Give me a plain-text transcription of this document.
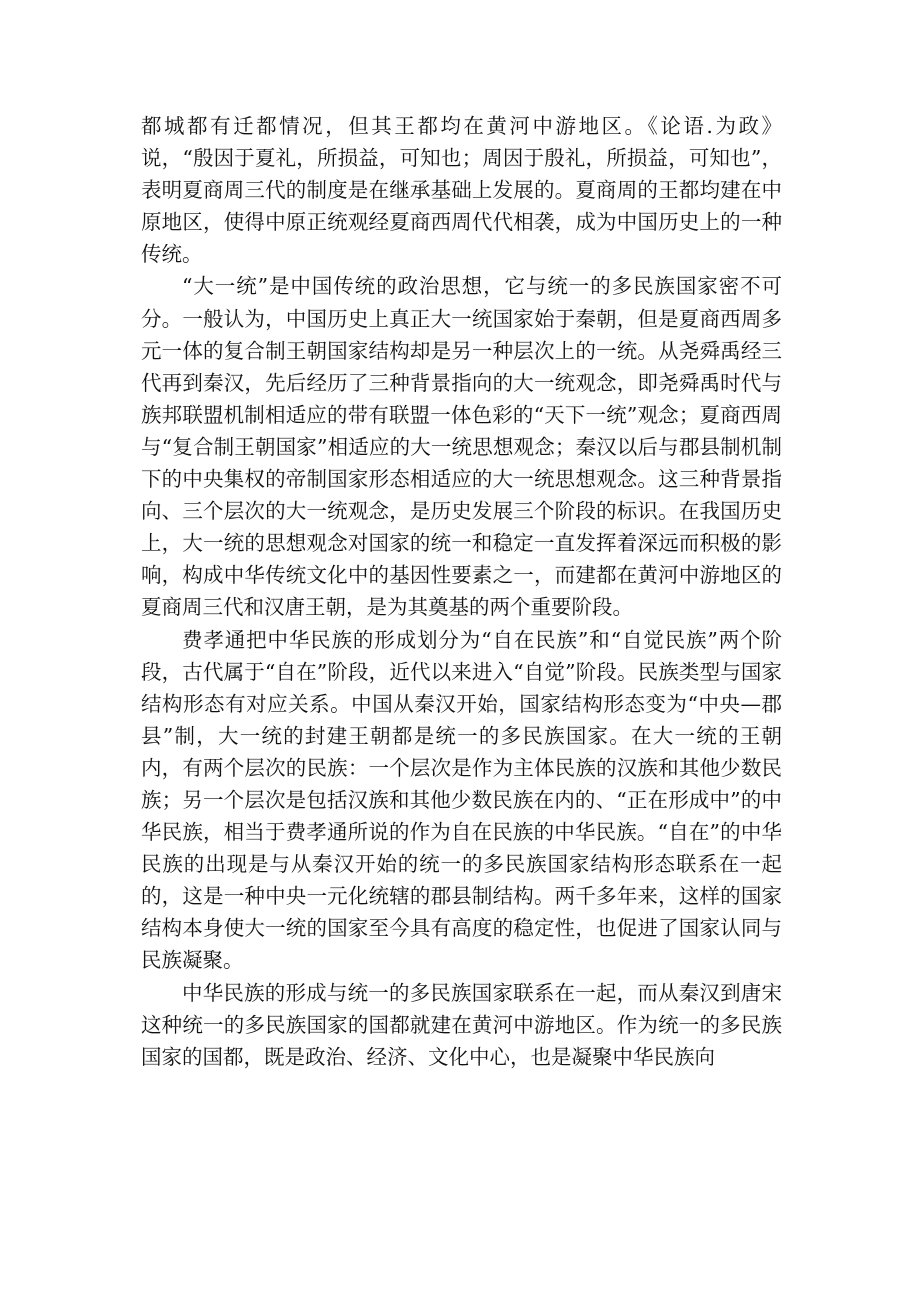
都城都有迁都情况，但其王都均在黄河中游地区。《论语.为政》说，“殷因于夏礼，所损益，可知也；周因于殷礼，所损益，可知也”，表明夏商周三代的制度是在继承基础上发展的。夏商周的王都均建在中原地区，使得中原正统观经夏商西周代代相袭，成为中国历史上的一种传统。

“大一统”是中国传统的政治思想，它与统一的多民族国家密不可分。一般认为，中国历史上真正大一统国家始于秦朝，但是夏商西周多元一体的复合制王朝国家结构却是另一种层次上的一统。从尧舜禹经三代再到秦汉，先后经历了三种背景指向的大一统观念，即尧舜禹时代与族邦联盟机制相适应的带有联盟一体色彩的“天下一统”观念；夏商西周与“复合制王朝国家”相适应的大一统思想观念；秦汉以后与郡县制机制下的中央集权的帝制国家形态相适应的大一统思想观念。这三种背景指向、三个层次的大一统观念，是历史发展三个阶段的标识。在我国历史上，大一统的思想观念对国家的统一和稳定一直发挥着深远而积极的影响，构成中华传统文化中的基因性要素之一，而建都在黄河中游地区的夏商周三代和汉唐王朝，是为其奠基的两个重要阶段。

费孝通把中华民族的形成划分为“自在民族”和“自觉民族”两个阶段，古代属于“自在”阶段，近代以来进入“自觉”阶段。民族类型与国家结构形态有对应关系。中国从秦汉开始，国家结构形态变为“中央—郡县”制，大一统的封建王朝都是统一的多民族国家。在大一统的王朝内，有两个层次的民族：一个层次是作为主体民族的汉族和其他少数民族；另一个层次是包括汉族和其他少数民族在内的、“正在形成中”的中华民族，相当于费孝通所说的作为自在民族的中华民族。“自在”的中华民族的出现是与从秦汉开始的统一的多民族国家结构形态联系在一起的，这是一种中央一元化统辖的郡县制结构。两千多年来，这样的国家结构本身使大一统的国家至今具有高度的稳定性，也促进了国家认同与民族凝聚。

中华民族的形成与统一的多民族国家联系在一起，而从秦汉到唐宋这种统一的多民族国家的国都就建在黄河中游地区。作为统一的多民族国家的国都，既是政治、经济、文化中心，也是凝聚中华民族向
